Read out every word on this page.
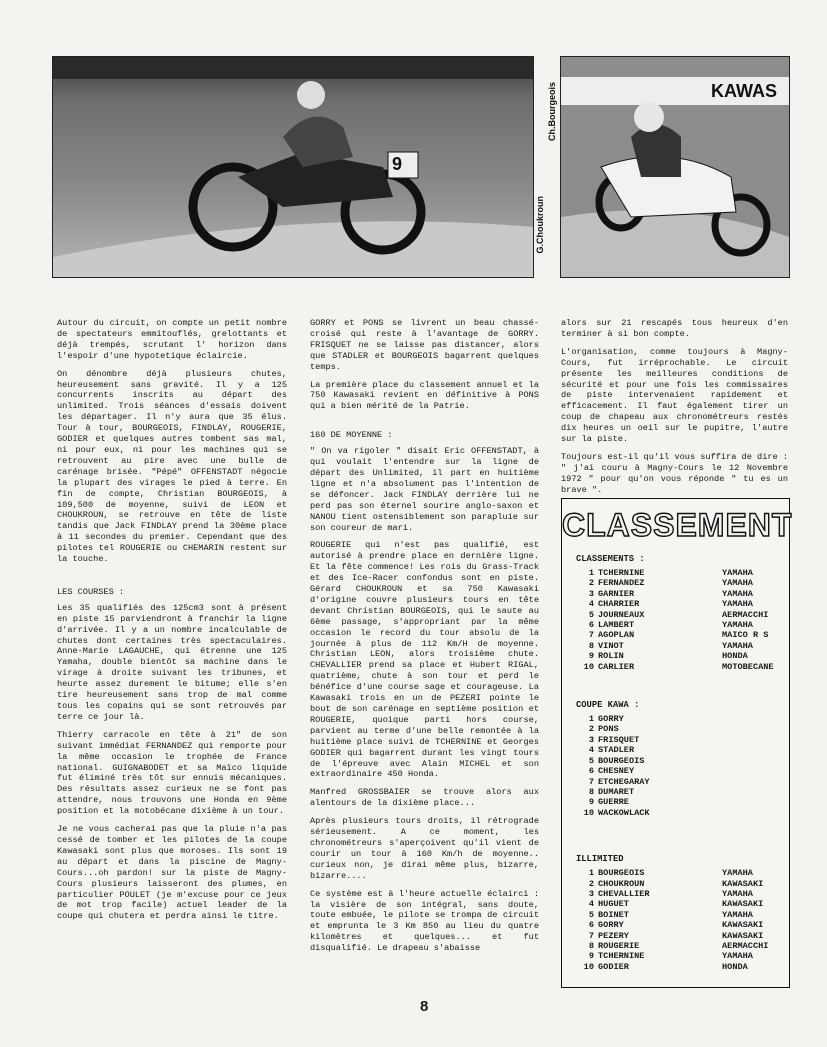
9
G.Choukroun
KAWAS
Ch.Bourgeois

Autour du circuit, on compte un petit nombre de spectateurs emmitouflés, grelottants et déjà trempés, scrutant l' horizon dans l'espoir d'une hypotetique éclaircie.

On dénombre déjà plusieurs chutes, heureusement sans gravité. Il y a 125 concurrents inscrits au départ des unlimited. Trois séances d'essais doivent les départager. Il n'y aura que 35 élus. Tour à tour, BOURGEOIS, FINDLAY, ROUGERIE, GODIER et quelques autres tombent sas mal, ni pour eux, ni pour les machines qui se retrouvent au pire avec une bulle de carénage brisée. "Pépé" OFFENSTADT négocie la plupart des virages le pied à terre. En fin de compte, Christian BOURGEOIS, à 109,500 de moyenne, suivi de LEON et CHOUKROUN, se retrouve en tête de liste tandis que Jack FINDLAY prend la 30ème place à 11 secondes du premier. Cependant que des pilotes tel ROUGERIE ou CHEMARIN restent sur la touche.

LES COURSES :

Les 35 qualifiés des 125cm3 sont à présent en piste 15 parviendront à franchir la ligne d'arrivée. Il y a un nombre incalculable de chutes dont certaines très spectaculaires. Anne-Marie LAGAUCHE, qui étrenne une 125 Yamaha, double bientôt sa machine dans le virage à droite suivant les tribunes, et heurte assez durement le bitume; elle s'en tire heureusement sans trop de mal comme tous les copains qui se sont retrouvés par terre ce jour là.

Thierry carracole en tête à 21" de son suivant immédiat FERNANDEZ qui remporte pour la même occasion le trophée de France national. GUIGNABODET et sa Maïco liquide fut éliminé très tôt sur ennuis mécaniques. Des résultats assez curieux ne se font pas attendre, nous trouvons une Honda en 9ème position et la motobécane dixième à un tour.

Je ne vous cacherai pas que la pluie n'a pas cessé de tomber et les pilotes de la coupe Kawasaki sont plus que moroses. Ils sont 19 au départ et dans la piscine de Magny-Cours...oh pardon! sur la piste de Magny-Cours plusieurs laisseront des plumes, en particulier POULET (je m'excuse pour ce jeux de mot trop facile) actuel leader de la coupe qui chutera et perdra ainsi le titre.

GORRY et PONS se livrent un beau chassé-croisé qui reste à l'avantage de GORRY. FRISQUET ne se laisse pas distancer, alors que STADLER et BOURGEOIS bagarrent quelques temps.

La première place du classement annuel et la 750 Kawasaki revient en définitive à PONS qui a bien mérité de la Patrie.

160 DE MOYENNE :

" On va rigoler " disait Eric OFFENSTADT, à qui voulait l'entendre sur la ligne de départ des Unlimited, il part en huitième ligne et n'a absolument pas l'intention de se défoncer. Jack FINDLAY derrière lui ne perd pas son éternel sourire anglo-saxon et NANOU tient ostensiblement son parapluie sur son coureur de mari.

ROUGERIE qui n'est pas qualifié, est autorisé à prendre place en dernière ligne. Et la fête commence! Les rois du Grass-Track et des Ice-Racer confondus sont en piste. Gérard CHOUKROUN et sa 750 Kawasaki d'origine couvre plusieurs tours en tête devant Christian BOURGEOIS, qui le saute au 6ème passage, s'appropriant par la même occasion le record du tour absolu de la journée à plus de 112 Km/H de moyenne. Christian LEON, alors troisième chute. CHEVALLIER prend sa place et Hubert RIGAL, quatrième, chute à son tour et perd le bénéfice d'une course sage et courageuse. La Kawasaki trois en un de PEZERI pointe le bout de son carénage en septième position et ROUGERIE, quoique parti hors course, parvient au terme d'une belle remontée à la huitième place suivi de TCHERNINE et Georges GODIER qui bagarrent durant les vingt tours de l'épreuve avec Alain MICHEL et son extraordinaire 450 Honda.

Manfred GROSSBAIER se trouve alors aux alentours de la dixième place...

Après plusieurs tours droits, il rétrograde sérieusement. A ce moment, les chronométreurs s'aperçoivent qu'il vient de courir un tour à 160 Km/h de moyenne.. curieux non, je dirai même plus, bizarre, bizarre....

Ce système est à l'heure actuelle éclairci : la visière de son intégral, sans doute, toute embuée, le pilote se trompa de circuit et emprunta le 3 Km 850 au lieu du quatre kilomètres et quelques... et fut disqualifié. Le drapeau s'abaisse

alors sur 21 rescapés tous heureux d'en terminer à si bon compte.

L'organisation, comme toujours à Magny-Cours, fut irréprochable. Le circuit présente les meilleures conditions de sécurité et pour une fois les commissaires de piste intervenaient rapidement et efficacement. Il faut également tirer un coup de chapeau aux chronométreurs restés dix heures un oeil sur le pupitre, l'autre sur la piste.

Toujours est-il qu'il vous suffira de dire : " j'ai couru à Magny-Cours le 12 Novembre 1972 " pour qu'on vous réponde " tu es un brave ".

CLASSEMENT
CLASSEMENTS :
1 TCHERNINE	YAMAHA
2 FERNANDEZ	YAMAHA
3 GARNIER	YAMAHA
4 CHARRIER	YAMAHA
5 JOURNEAUX	AERMACCHI
6 LAMBERT	YAMAHA
7 AGOPLAN	MAICO R S
8 VINOT	YAMAHA
9 ROLIN	HONDA
10 CARLIER	MOTOBECANE
COUPE KAWA :
1 GORRY
2 PONS
3 FRISQUET
4 STADLER
5 BOURGEOIS
6 CHESNEY
7 ETCHEGARAY
8 DUMARET
9 GUERRE
10 WACKOWLACK
ILLIMITED
1 BOURGEOIS	YAMAHA
2 CHOUKROUN	KAWASAKI
3 CHEVALLIER	YAMAHA
4 HUGUET	KAWASAKI
5 BOINET	YAMAHA
6 GORRY	KAWASAKI
7 PEZERY	KAWASAKI
8 ROUGERIE	AERMACCHI
9 TCHERNINE	YAMAHA
10 GODIER	HONDA
8
